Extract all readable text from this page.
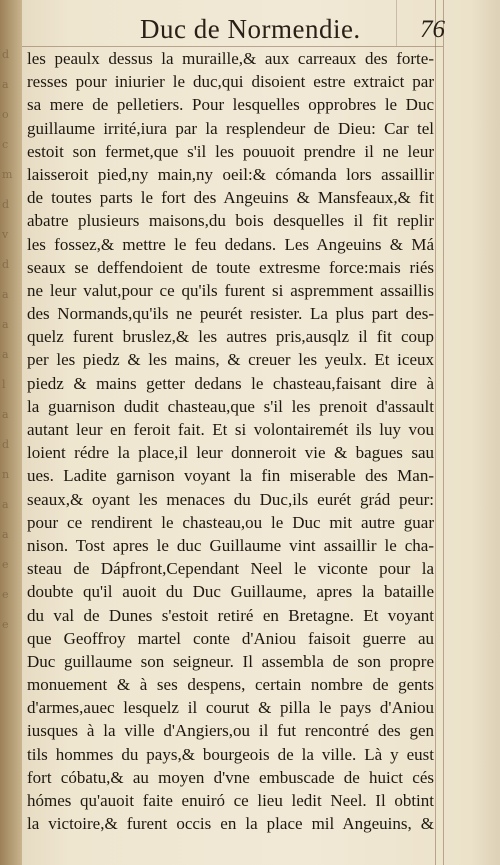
d
a
o
c
m
d
v
d
a
a
a
l
a
d
n
a
a
e
e
e
Duc de Normendie. 76
les peaulx dessus la muraille,& aux carreaux des forte-
resses pour iniurier le duc,qui disoient estre extraict par
sa mere de pelletiers. Pour lesquelles opprobres le Duc
guillaume irrité,iura par la resplendeur de Dieu: Car tel
estoit son fermet,que s'il les pouuoit prendre il ne leur
laisseroit pied,ny main,ny oeil:& cómanda lors assaillir
de toutes parts le fort des Angeuins & Mansfeaux,& fit
abatre plusieurs maisons,du bois desquelles il fit replir
les fossez,& mettre le feu dedans. Les Angeuins & Má
seaux se deffendoient de toute extresme force:mais riés
ne leur valut,pour ce qu'ils furent si aspremment assaillis
des Normands,qu'ils ne peurét resister. La plus part des-
quelz furent bruslez,& les autres pris,ausqlz il fit coup
per les piedz & les mains, & creuer les yeulx. Et iceux
piedz & mains getter dedans le chasteau,faisant dire à
la guarnison dudit chasteau,que s'il les prenoit d'assault
autant leur en feroit fait. Et si volontairemét ils luy vou
loient rédre la place,il leur donneroit vie & bagues sau
ues. Ladite garnison voyant la fin miserable des Man-
seaux,& oyant les menaces du Duc,ils eurét grád peur:
pour ce rendirent le chasteau,ou le Duc mit autre guar
nison. Tost apres le duc Guillaume vint assaillir le cha-
steau de Dápfront,Cependant Neel le viconte pour la
doubte qu'il auoit du Duc Guillaume, apres la bataille
du val de Dunes s'estoit retiré en Bretagne. Et voyant
que Geoffroy martel conte d'Aniou faisoit guerre au
Duc guillaume son seigneur. Il assembla de son propre
monuement & à ses despens, certain nombre de gents
d'armes,auec lesquelz il courut & pilla le pays d'Aniou
iusques à la ville d'Angiers,ou il fut rencontré des gen
tils hommes du pays,& bourgeois de la ville. Là y eust
fort cóbatu,& au moyen d'vne embuscade de huict cés
hómes qu'auoit faite enuiró ce lieu ledit Neel. Il obtint
la victoire,& furent occis en la place mil Angeuins, &
